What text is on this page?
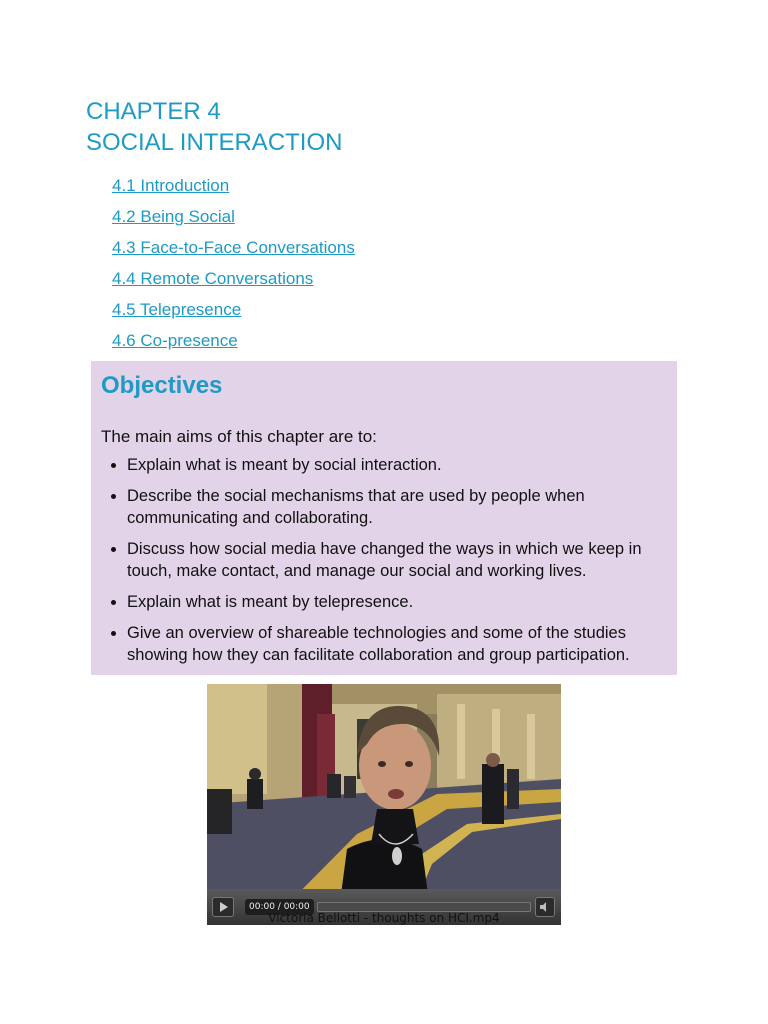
CHAPTER 4
SOCIAL INTERACTION
4.1 Introduction
4.2 Being Social
4.3 Face-to-Face Conversations
4.4 Remote Conversations
4.5 Telepresence
4.6 Co-presence
Objectives

The main aims of this chapter are to:

• Explain what is meant by social interaction.
• Describe the social mechanisms that are used by people when communicating and collaborating.
• Discuss how social media have changed the ways in which we keep in touch, make contact, and manage our social and working lives.
• Explain what is meant by telepresence.
• Give an overview of shareable technologies and some of the studies showing how they can facilitate collaboration and group participation.
00:00 / 00:00
Victoria Bellotti - thoughts on HCI.mp4
